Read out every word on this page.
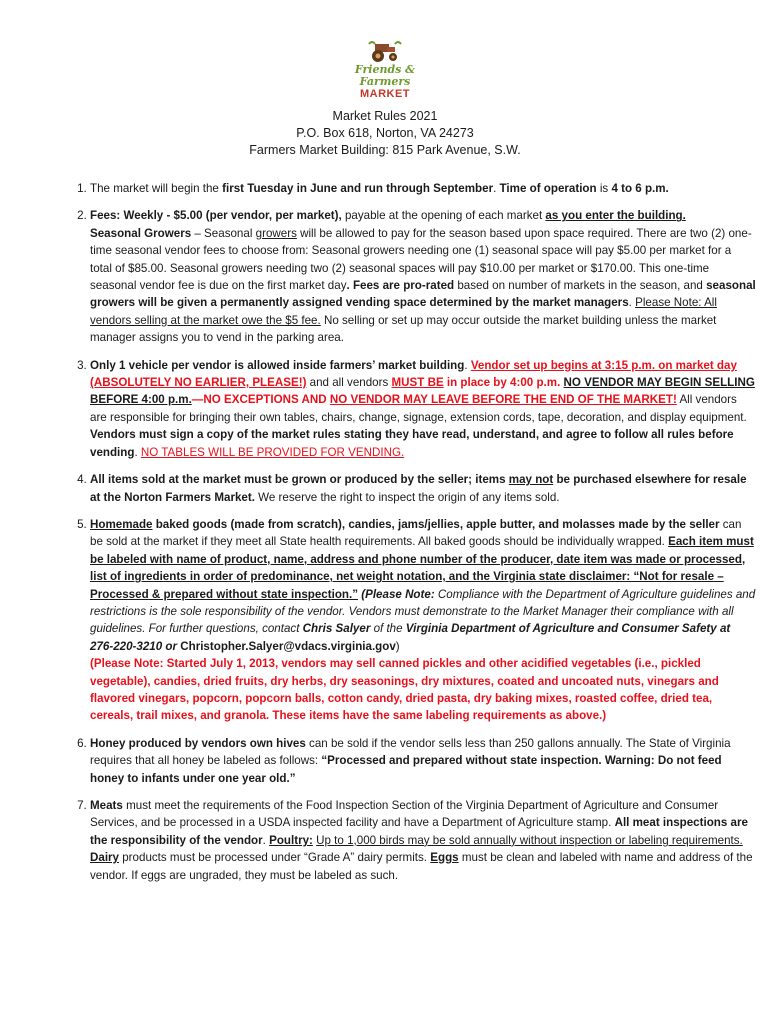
Friends & Farmers
MARKET
Market Rules 2021
P.O. Box 618, Norton, VA 24273
Farmers Market Building: 815 Park Avenue, S.W.
1. The market will begin the first Tuesday in June and run through September. Time of operation is 4 to 6 p.m.
2. Fees: Weekly - $5.00 (per vendor, per market), payable at the opening of each market as you enter the building.
Seasonal Growers – Seasonal growers will be allowed to pay for the season based upon space required. There are two (2) one-time seasonal vendor fees to choose from: Seasonal growers needing one (1) seasonal space will pay $5.00 per market for a total of $85.00. Seasonal growers needing two (2) seasonal spaces will pay $10.00 per market or $170.00. This one-time seasonal vendor fee is due on the first market day. Fees are pro-rated based on number of markets in the season, and seasonal growers will be given a permanently assigned vending space determined by the market managers. Please Note: All vendors selling at the market owe the $5 fee. No selling or set up may occur outside the market building unless the market manager assigns you to vend in the parking area.
3. Only 1 vehicle per vendor is allowed inside farmers’ market building. Vendor set up begins at 3:15 p.m. on market day (ABSOLUTELY NO EARLIER, PLEASE!) and all vendors MUST BE in place by 4:00 p.m. NO VENDOR MAY BEGIN SELLING BEFORE 4:00 p.m.—NO EXCEPTIONS AND NO VENDOR MAY LEAVE BEFORE THE END OF THE MARKET! All vendors are responsible for bringing their own tables, chairs, change, signage, extension cords, tape, decoration, and display equipment. Vendors must sign a copy of the market rules stating they have read, understand, and agree to follow all rules before vending. NO TABLES WILL BE PROVIDED FOR VENDING.
4. All items sold at the market must be grown or produced by the seller; items may not be purchased elsewhere for resale at the Norton Farmers Market. We reserve the right to inspect the origin of any items sold.
5. Homemade baked goods (made from scratch), candies, jams/jellies, apple butter, and molasses made by the seller can be sold at the market if they meet all State health requirements. All baked goods should be individually wrapped. Each item must be labeled with name of product, name, address and phone number of the producer, date item was made or processed, list of ingredients in order of predominance, net weight notation, and the Virginia state disclaimer: “Not for resale – Processed & prepared without state inspection.” (Please Note: Compliance with the Department of Agriculture guidelines and restrictions is the sole responsibility of the vendor. Vendors must demonstrate to the Market Manager their compliance with all guidelines. For further questions, contact Chris Salyer of the Virginia Department of Agriculture and Consumer Safety at 276-220-3210 or Christopher.Salyer@vdacs.virginia.gov)
(Please Note: Started July 1, 2013, vendors may sell canned pickles and other acidified vegetables (i.e., pickled vegetable), candies, dried fruits, dry herbs, dry seasonings, dry mixtures, coated and uncoated nuts, vinegars and flavored vinegars, popcorn, popcorn balls, cotton candy, dried pasta, dry baking mixes, roasted coffee, dried tea, cereals, trail mixes, and granola. These items have the same labeling requirements as above.)
6. Honey produced by vendors own hives can be sold if the vendor sells less than 250 gallons annually. The State of Virginia requires that all honey be labeled as follows: “Processed and prepared without state inspection. Warning: Do not feed honey to infants under one year old.”
7. Meats must meet the requirements of the Food Inspection Section of the Virginia Department of Agriculture and Consumer Services, and be processed in a USDA inspected facility and have a Department of Agriculture stamp. All meat inspections are the responsibility of the vendor. Poultry: Up to 1,000 birds may be sold annually without inspection or labeling requirements. Dairy products must be processed under “Grade A” dairy permits. Eggs must be clean and labeled with name and address of the vendor. If eggs are ungraded, they must be labeled as such.
